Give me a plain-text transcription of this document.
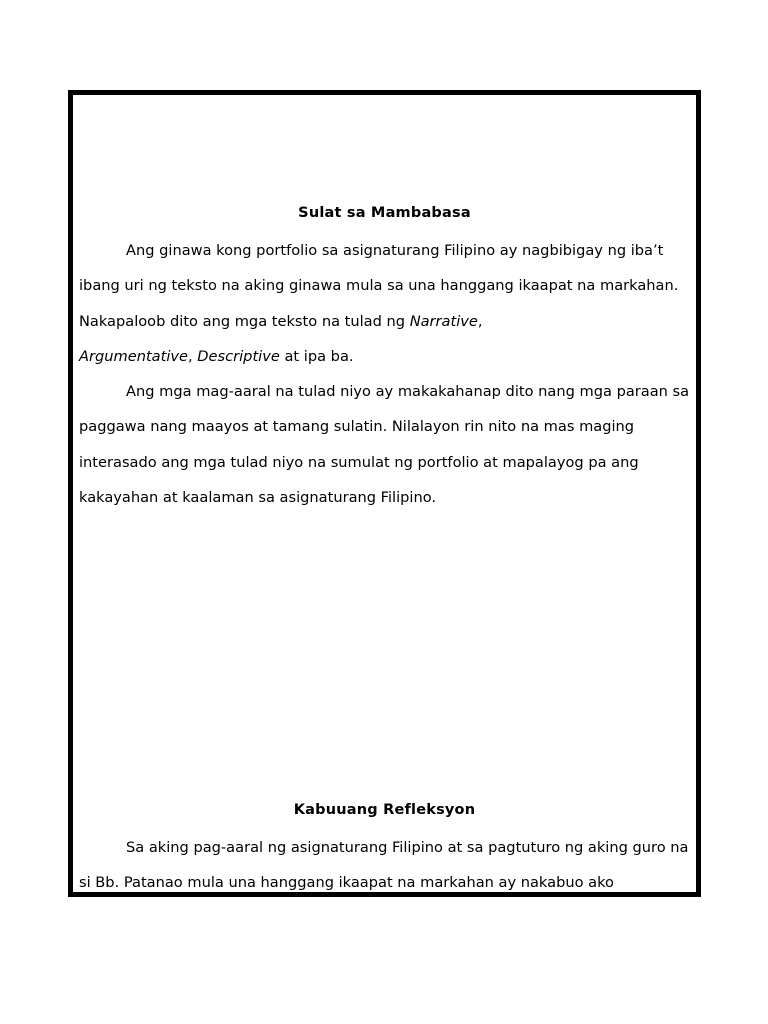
Sulat sa Mambabasa

Ang ginawa kong portfolio sa asignaturang Filipino ay nagbibigay ng iba’t ibang uri ng teksto na aking ginawa mula sa una hanggang ikaapat na markahan. Nakapaloob dito ang mga teksto na tulad ng Narrative,
Argumentative, Descriptive at ipa ba.

Ang mga mag-aaral na tulad niyo ay makakahanap dito nang mga paraan sa paggawa nang maayos at tamang sulatin. Nilalayon rin nito na mas maging interasado ang mga tulad niyo na sumulat ng portfolio at mapalayog pa ang kakayahan at kaalaman sa asignaturang Filipino.

Kabuuang Refleksyon

Sa aking pag-aaral ng asignaturang Filipino at sa pagtuturo ng aking guro na si Bb. Patanao mula una hanggang ikaapat na markahan ay nakabuo ako
